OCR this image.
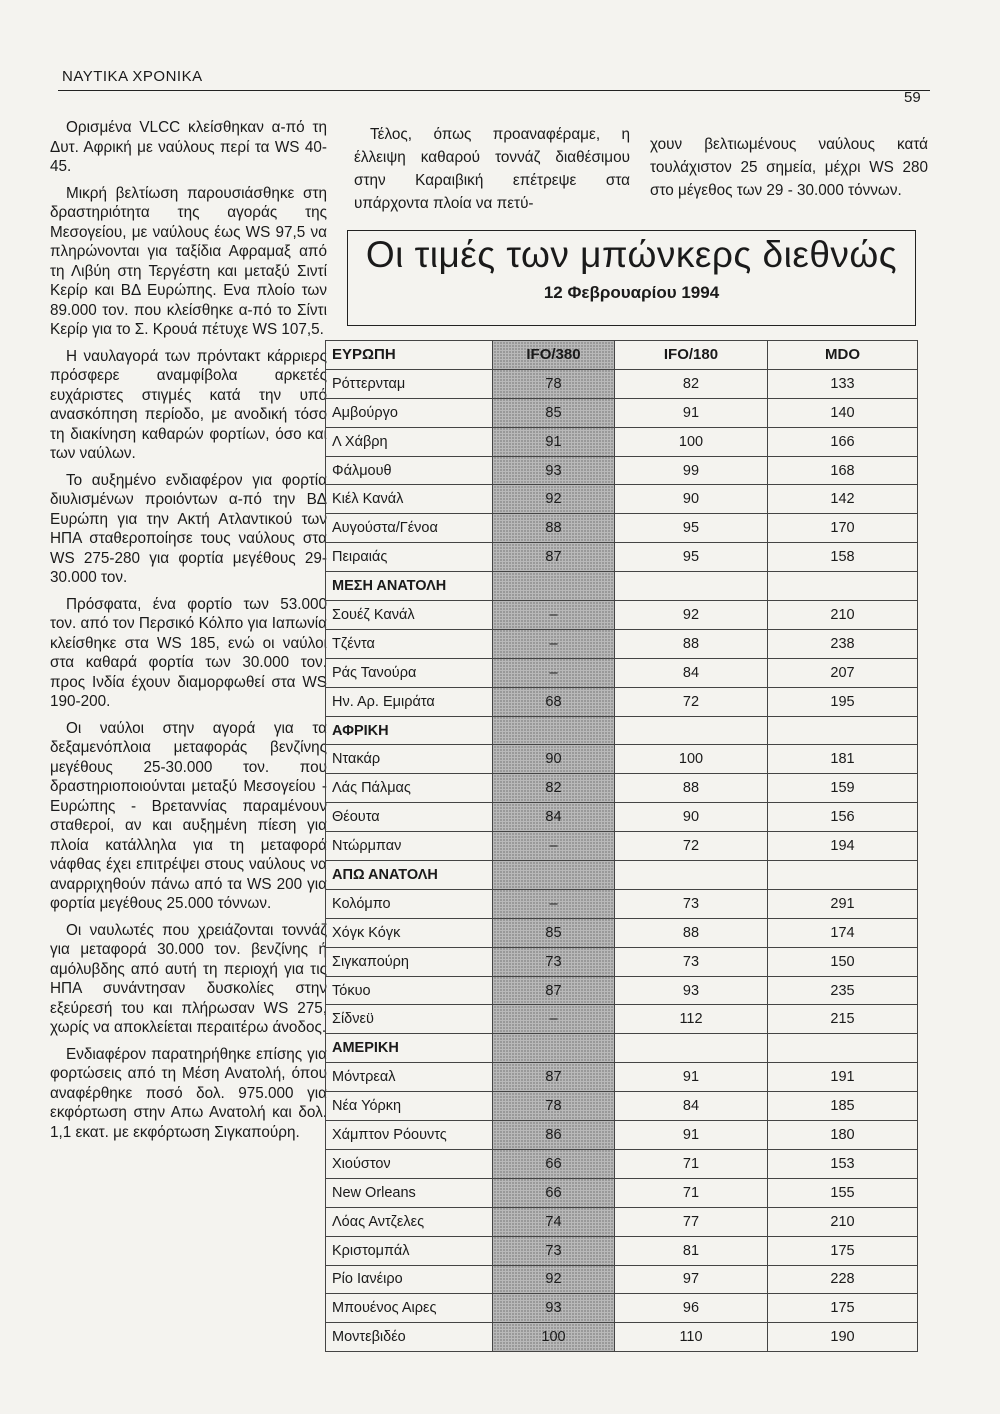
ΝΑΥΤΙΚΑ ΧΡΟΝΙΚΑ
59

Ορισμένα VLCC κλείσθηκαν α-πό τη Δυτ. Αφρική με ναύλους περί τα WS 40-45.

Μικρή βελτίωση παρουσιάσθηκε στη δραστηριότητα της αγοράς της Μεσογείου, με ναύλους έως WS 97,5 να πληρώνονται για ταξίδια Αφραμαξ από τη Λιβύη στη Τεργέστη και μεταξύ Σιντί Κερίρ και ΒΔ Ευρώπης. Ενα πλοίο των 89.000 τον. που κλείσθηκε α-πό το Σίντι Κερίρ για το Σ. Κρουά πέτυχε WS 107,5.

Η ναυλαγορά των πρόντακτ κάρριερς πρόσφερε αναμφίβολα αρκετές ευχάριστες στιγμές κατά την υπό ανασκόπηση περίοδο, με ανοδική τόσο τη διακίνηση καθαρών φορτίων, όσο και των ναύλων.

Το αυξημένο ενδιαφέρον για φορτία διυλισμένων προιόντων α-πό την ΒΔ Ευρώπη για την Ακτή Ατλαντικού των ΗΠΑ σταθεροποίησε τους ναύλους στα WS 275-280 για φορτία μεγέθους 29-30.000 τον.

Πρόσφατα, ένα φορτίο των 53.000 τον. από τον Περσικό Κόλπο για Ιαπωνία κλείσθηκε στα WS 185, ενώ οι ναύλοι στα καθαρά φορτία των 30.000 τον. προς Ινδία έχουν διαμορφωθεί στα WS 190-200.

Οι ναύλοι στην αγορά για τα δεξαμενόπλοια μεταφοράς βενζίνης μεγέθους 25-30.000 τον. που δραστηριοποιούνται μεταξύ Μεσογείου - Ευρώπης - Βρεταννίας παραμένουν σταθεροί, αν και αυξημένη πίεση για πλοία κατάλληλα για τη μεταφορά νάφθας έχει επιτρέψει στους ναύλους να αναρριχηθούν πάνω από τα WS 200 για φορτία μεγέθους 25.000 τόννων.

Οι ναυλωτές που χρειάζονται τοννάζ για μεταφορά 30.000 τον. βενζίνης ή αμόλυβδης από αυτή τη περιοχή για τις ΗΠΑ συνάντησαν δυσκολίες στην εξεύρεσή του και πλήρωσαν WS 275, χωρίς να αποκλείεται περαιτέρω άνοδος.

Ενδιαφέρον παρατηρήθηκε επίσης για φορτώσεις από τη Μέση Ανατολή, όπου αναφέρθηκε ποσό δολ. 975.000 για εκφόρτωση στην Απω Ανατολή και δολ. 1,1 εκατ. με εκφόρτωση Σιγκαπούρη.

Τέλος, όπως προαναφέραμε, η έλλειψη καθαρού τοννάζ διαθέσιμου στην Καραιβική επέτρεψε στα υπάρχοντα πλοία να πετύ-

χουν βελτιωμένους ναύλους κατά τουλάχιστον 25 σημεία, μέχρι WS 280 στο μέγεθος των 29 - 30.000 τόννων.

Οι τιμές των μπώνκερς διεθνώς
12 Φεβρουαρίου 1994
ΕΥΡΩΠΗ	IFO/380	IFO/180	MDO
Ρόττερνταμ	78	82	133
Αμβούργο	85	91	140
Λ Χάβρη	91	100	166
Φάλμουθ	93	99	168
Κιέλ Κανάλ	92	90	142
Αυγούστα/Γένοα	88	95	170
Πειραιάς	87	95	158
ΜΕΣΗ ΑΝΑΤΟΛΗ			
Σουέζ Κανάλ	–	92	210
Τζέντα	–	88	238
Ράς Τανούρα	–	84	207
Ην. Αρ. Εμιράτα	68	72	195
ΑΦΡΙΚΗ			
Ντακάρ	90	100	181
Λάς Πάλμας	82	88	159
Θέουτα	84	90	156
Ντώρμπαν	–	72	194
ΑΠΩ ΑΝΑΤΟΛΗ			
Κολόμπο	–	73	291
Χόγκ Κόγκ	85	88	174
Σιγκαπούρη	73	73	150
Τόκυο	87	93	235
Σίδνεϋ	–	112	215
ΑΜΕΡΙΚΗ			
Μόντρεαλ	87	91	191
Νέα Υόρκη	78	84	185
Χάμπτον Ρόουντς	86	91	180
Χιούστον	66	71	153
New Orleans	66	71	155
Λόας Αντζελες	74	77	210
Κριστομπάλ	73	81	175
Ρίο Ιανέιρο	92	97	228
Μπουένος Αιρες	93	96	175
Μοντεβιδέο	100	110	190
